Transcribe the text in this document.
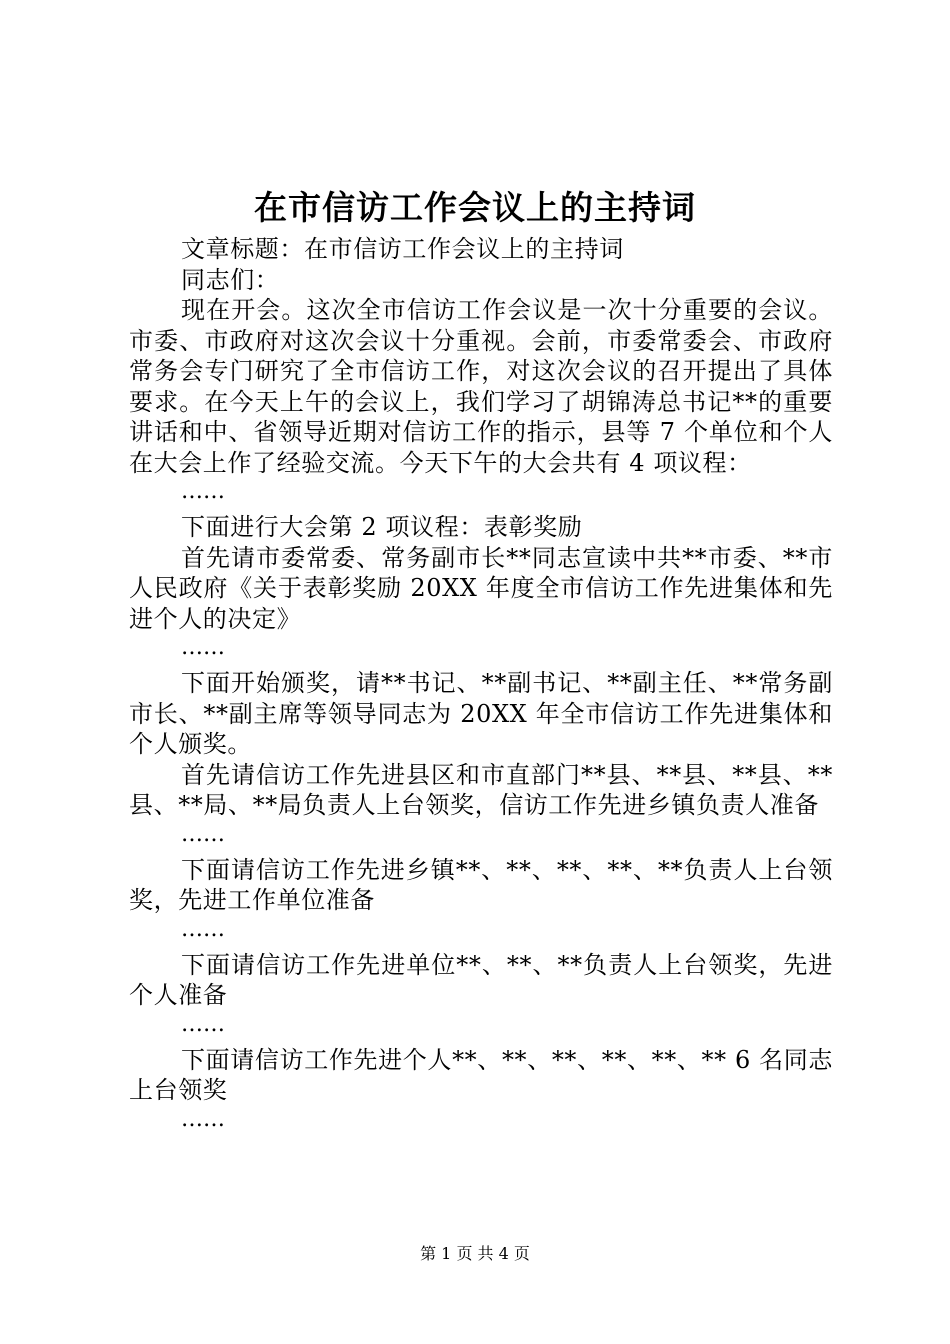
在市信访工作会议上的主持词

文章标题：在市信访工作会议上的主持词

同志们：

现在开会。这次全市信访工作会议是一次十分重要的会议。市委、市政府对这次会议十分重视。会前，市委常委会、市政府常务会专门研究了全市信访工作，对这次会议的召开提出了具体要求。在今天上午的会议上，我们学习了胡锦涛总书记**的重要讲话和中、省领导近期对信访工作的指示，县等 7 个单位和个人在大会上作了经验交流。今天下午的大会共有 4 项议程：

……

下面进行大会第 2 项议程：表彰奖励

首先请市委常委、常务副市长**同志宣读中共**市委、**市人民政府《关于表彰奖励 20XX 年度全市信访工作先进集体和先进个人的决定》

……

下面开始颁奖，请**书记、**副书记、**副主任、**常务副市长、**副主席等领导同志为 20XX 年全市信访工作先进集体和个人颁奖。

首先请信访工作先进县区和市直部门**县、**县、**县、**县、**局、**局负责人上台领奖，信访工作先进乡镇负责人准备

……

下面请信访工作先进乡镇**、**、**、**、**负责人上台领奖，先进工作单位准备

……

下面请信访工作先进单位**、**、**负责人上台领奖，先进个人准备

……

下面请信访工作先进个人**、**、**、**、**、** 6 名同志上台领奖

……

第 1 页 共 4 页
